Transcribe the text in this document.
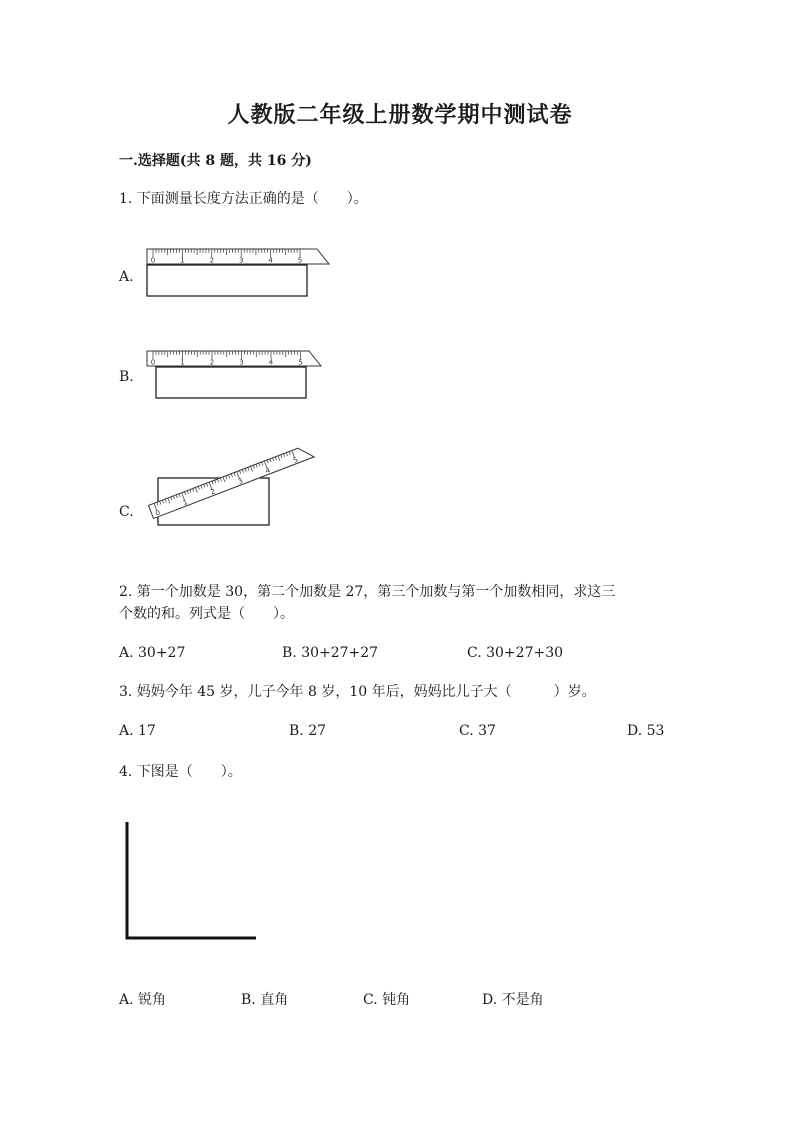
人教版二年级上册数学期中测试卷
一.选择题(共 8 题，共 16 分)
1. 下面测量长度方法正确的是（　　）。
A.
0	1	2	3	4	5
B.
0	1	2	3	4	5
C.	0
1
2
3
4
5
2. 第一个加数是 30，第二个加数是 27，第三个加数与第一个加数相同，求这三
个数的和。列式是（　　）。
A. 30+27	B. 30+27+27	C. 30+27+30
3. 妈妈今年 45 岁，儿子今年 8 岁，10 年后，妈妈比儿子大（　　　）岁。
A. 17	B. 27	C. 37	D. 53
4. 下图是（　　）。
A. 锐角	B. 直角	C. 钝角	D. 不是角
